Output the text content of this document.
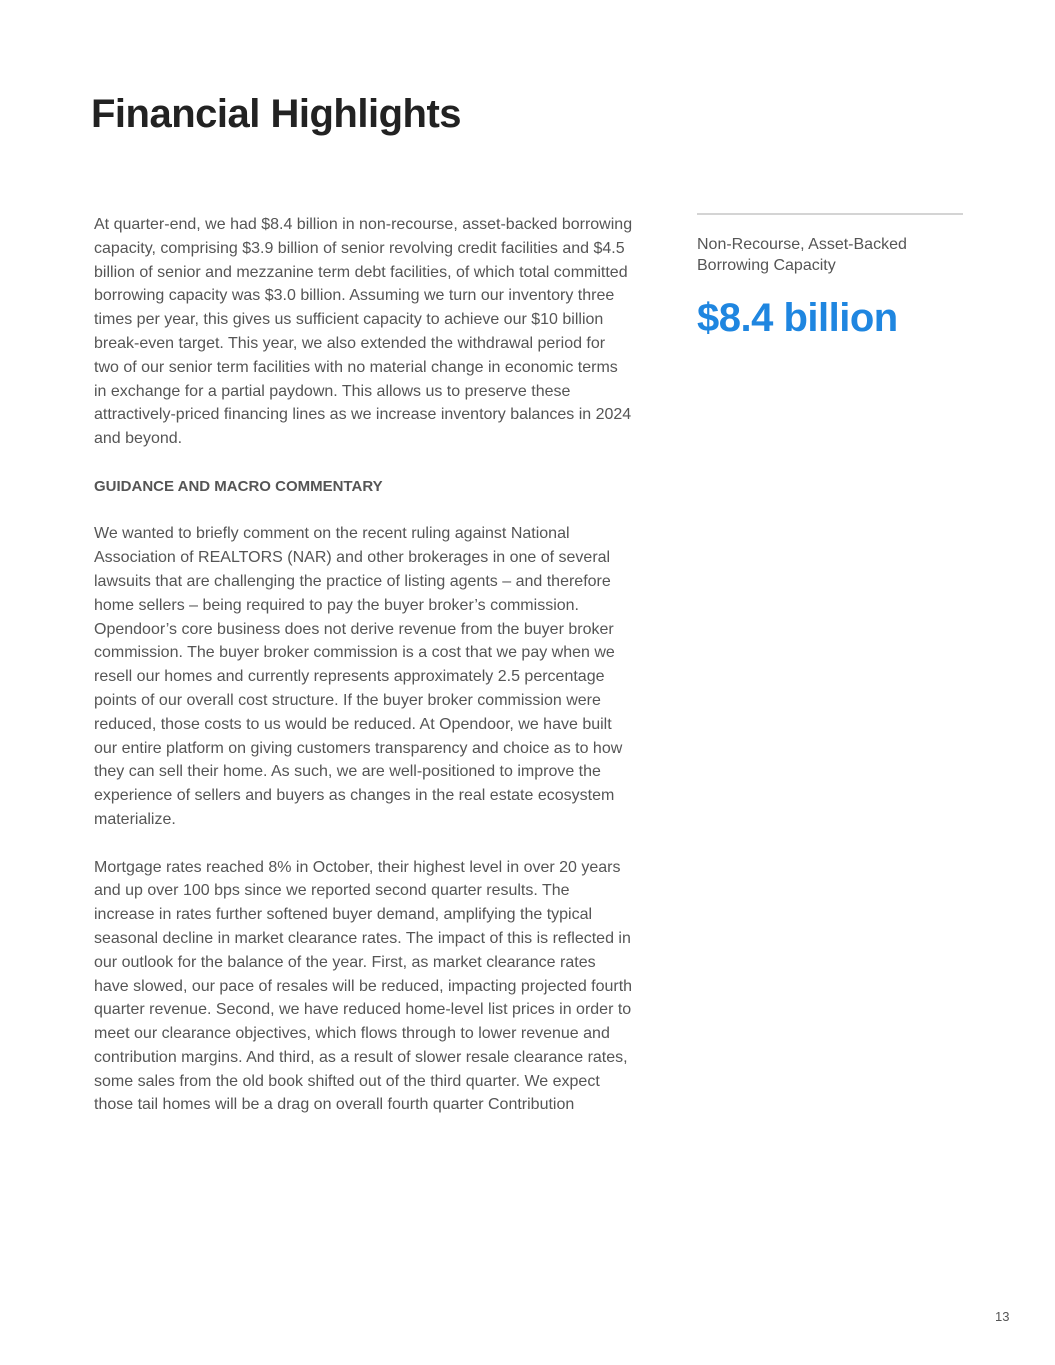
Financial Highlights

At quarter-end, we had $8.4 billion in non-recourse, asset-backed borrowing capacity, comprising $3.9 billion of senior revolving credit facilities and $4.5 billion of senior and mezzanine term debt facilities, of which total committed borrowing capacity was $3.0 billion. Assuming we turn our inventory three times per year, this gives us sufficient capacity to achieve our $10 billion break-even target. This year, we also extended the withdrawal period for two of our senior term facilities with no material change in economic terms in exchange for a partial paydown. This allows us to preserve these attractively-priced financing lines as we increase inventory balances in 2024 and beyond.

GUIDANCE AND MACRO COMMENTARY

We wanted to briefly comment on the recent ruling against National Association of REALTORS (NAR) and other brokerages in one of several lawsuits that are challenging the practice of listing agents – and therefore home sellers – being required to pay the buyer broker’s commission. Opendoor’s core business does not derive revenue from the buyer broker commission. The buyer broker commission is a cost that we pay when we resell our homes and currently represents approximately 2.5 percentage points of our overall cost structure. If the buyer broker commission were reduced, those costs to us would be reduced. At Opendoor, we have built our entire platform on giving customers transparency and choice as to how they can sell their home. As such, we are well-positioned to improve the experience of sellers and buyers as changes in the real estate ecosystem materialize.

Mortgage rates reached 8% in October, their highest level in over 20 years and up over 100 bps since we reported second quarter results. The increase in rates further softened buyer demand, amplifying the typical seasonal decline in market clearance rates. The impact of this is reflected in our outlook for the balance of the year. First, as market clearance rates have slowed, our pace of resales will be reduced, impacting projected fourth quarter revenue. Second, we have reduced home-level list prices in order to meet our clearance objectives, which flows through to lower revenue and contribution margins. And third, as a result of slower resale clearance rates, some sales from the old book shifted out of the third quarter. We expect those tail homes will be a drag on overall fourth quarter Contribution

Non-Recourse, Asset-Backed Borrowing Capacity

$8.4 billion

13
